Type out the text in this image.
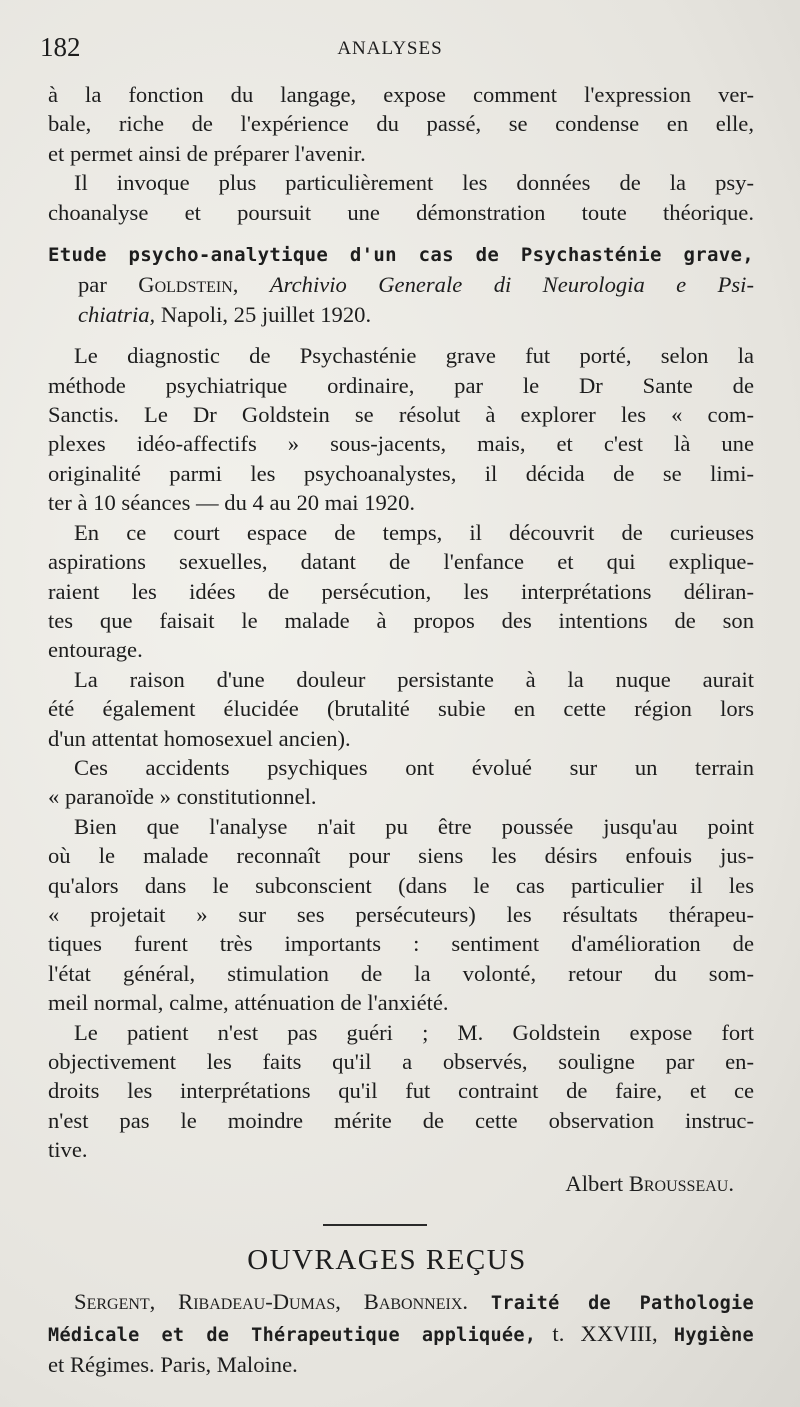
182	ANALYSES
à la fonction du langage, expose comment l'expression ver-
bale, riche de l'expérience du passé, se condense en elle,
et permet ainsi de préparer l'avenir.
Il invoque plus particulièrement les données de la psy-
choanalyse et poursuit une démonstration toute théorique.
Etude psycho-analytique d'un cas de Psychasténie grave,
par Goldstein, Archivio Generale di Neurologia e Psi-
chiatria, Napoli, 25 juillet 1920.
Le diagnostic de Psychasténie grave fut porté, selon la
méthode psychiatrique ordinaire, par le Dr Sante de
Sanctis. Le Dr Goldstein se résolut à explorer les « com-
plexes idéo-affectifs » sous-jacents, mais, et c'est là une
originalité parmi les psychoanalystes, il décida de se limi-
ter à 10 séances — du 4 au 20 mai 1920.
En ce court espace de temps, il découvrit de curieuses
aspirations sexuelles, datant de l'enfance et qui explique-
raient les idées de persécution, les interprétations déliran-
tes que faisait le malade à propos des intentions de son
entourage.
La raison d'une douleur persistante à la nuque aurait
été également élucidée (brutalité subie en cette région lors
d'un attentat homosexuel ancien).
Ces accidents psychiques ont évolué sur un terrain
« paranoïde » constitutionnel.
Bien que l'analyse n'ait pu être poussée jusqu'au point
où le malade reconnaît pour siens les désirs enfouis jus-
qu'alors dans le subconscient (dans le cas particulier il les
« projetait » sur ses persécuteurs) les résultats thérapeu-
tiques furent très importants : sentiment d'amélioration de
l'état général, stimulation de la volonté, retour du som-
meil normal, calme, atténuation de l'anxiété.
Le patient n'est pas guéri ; M. Goldstein expose fort
objectivement les faits qu'il a observés, souligne par en-
droits les interprétations qu'il fut contraint de faire, et ce
n'est pas le moindre mérite de cette observation instruc-
tive.
Albert Brousseau.
OUVRAGES REÇUS
Sergent, Ribadeau-Dumas, Babonneix. Traité de Pathologie
Médicale et de Thérapeutique appliquée, t. XXVIII, Hygiène
et Régimes. Paris, Maloine.
